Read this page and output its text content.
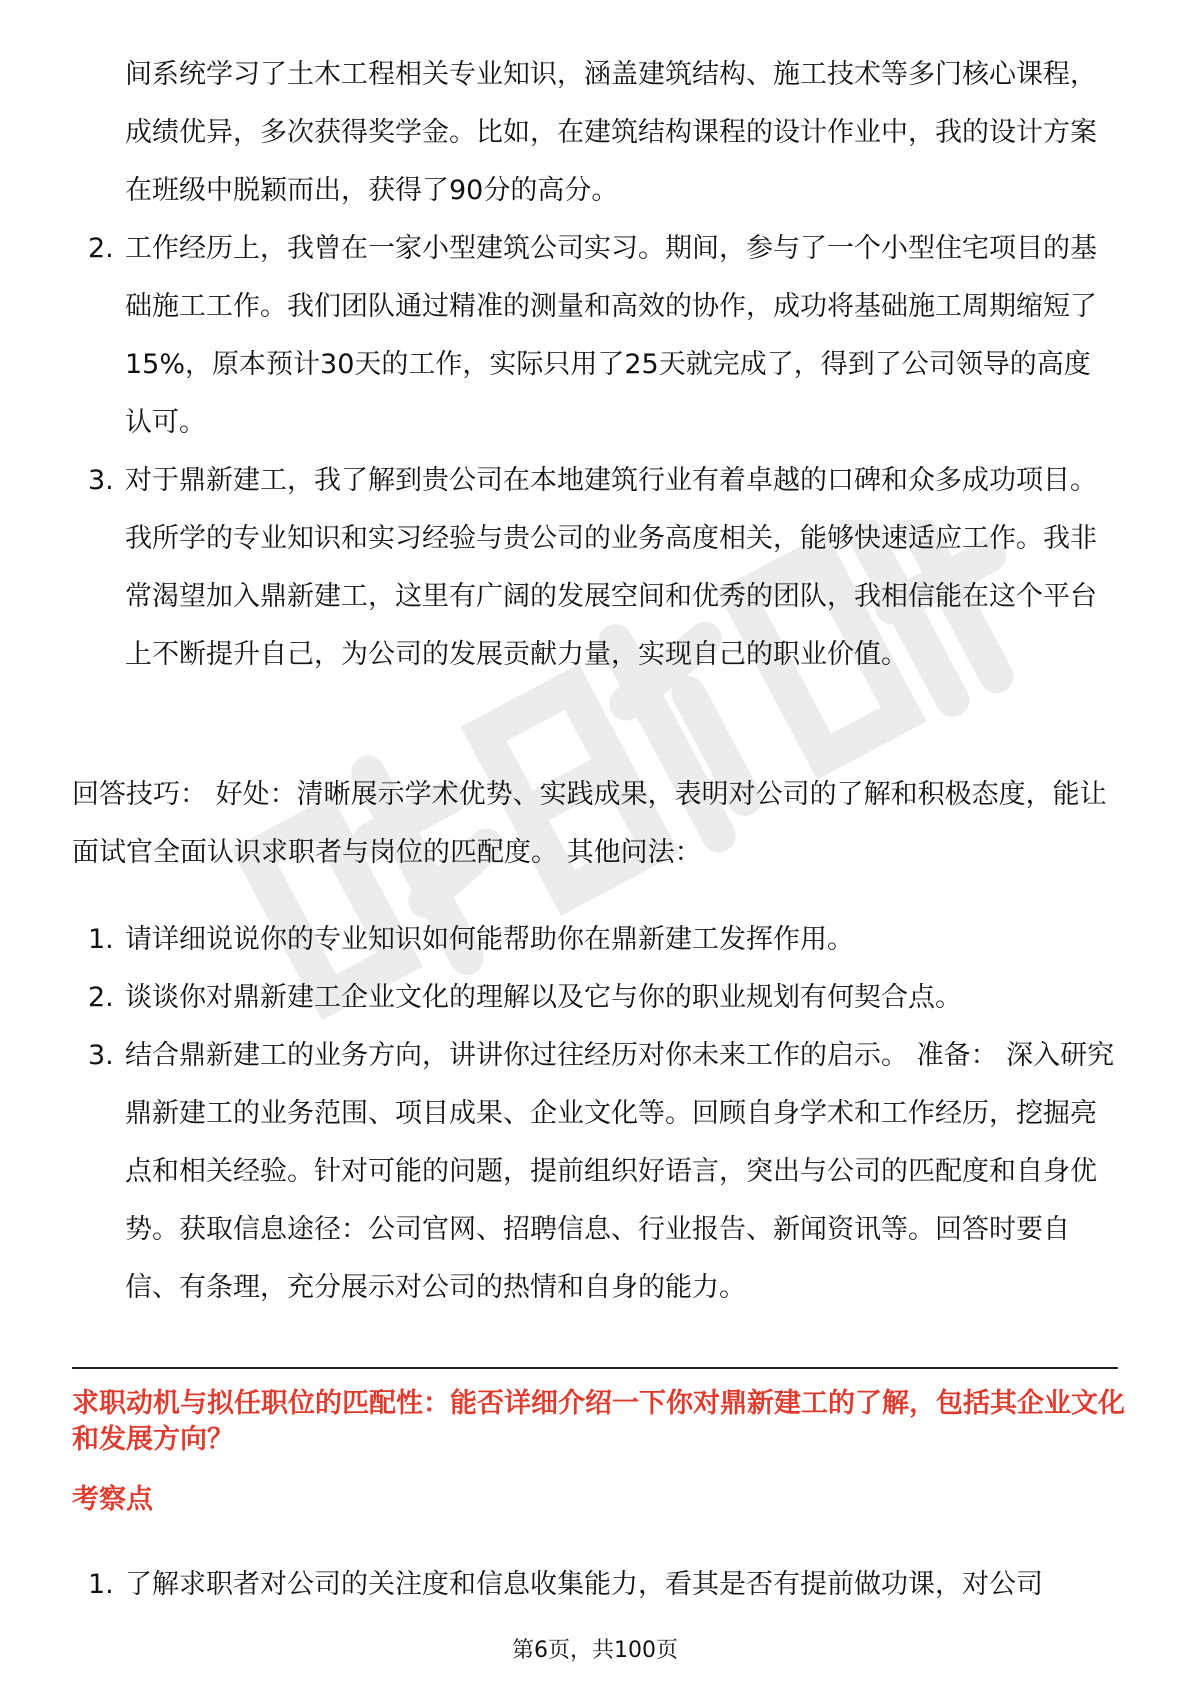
间系统学习了土木工程相关专业知识，涵盖建筑结构、施工技术等多门核心课程，成绩优异，多次获得奖学金。比如，在建筑结构课程的设计作业中，我的设计方案在班级中脱颖而出，获得了90分的高分。
2. 工作经历上，我曾在一家小型建筑公司实习。期间，参与了一个小型住宅项目的基础施工工作。我们团队通过精准的测量和高效的协作，成功将基础施工周期缩短了15%，原本预计30天的工作，实际只用了25天就完成了，得到了公司领导的高度认可。
3. 对于鼎新建工，我了解到贵公司在本地建筑行业有着卓越的口碑和众多成功项目。我所学的专业知识和实习经验与贵公司的业务高度相关，能够快速适应工作。我非常渴望加入鼎新建工，这里有广阔的发展空间和优秀的团队，我相信能在这个平台上不断提升自己，为公司的发展贡献力量，实现自己的职业价值。

回答技巧： 好处：清晰展示学术优势、实践成果，表明对公司的了解和积极态度，能让面试官全面认识求职者与岗位的匹配度。 其他问法：

1. 请详细说说你的专业知识如何能帮助你在鼎新建工发挥作用。
2. 谈谈你对鼎新建工企业文化的理解以及它与你的职业规划有何契合点。
3. 结合鼎新建工的业务方向，讲讲你过往经历对你未来工作的启示。 准备： 深入研究鼎新建工的业务范围、项目成果、企业文化等。回顾自身学术和工作经历，挖掘亮点和相关经验。针对可能的问题，提前组织好语言，突出与公司的匹配度和自身优势。获取信息途径：公司官网、招聘信息、行业报告、新闻资讯等。回答时要自信、有条理，充分展示对公司的热情和自身的能力。
求职动机与拟任职位的匹配性：能否详细介绍一下你对鼎新建工的了解，包括其企业文化和发展方向？
考察点
1. 了解求职者对公司的关注度和信息收集能力，看其是否有提前做功课，对公司
第6页，共100页
